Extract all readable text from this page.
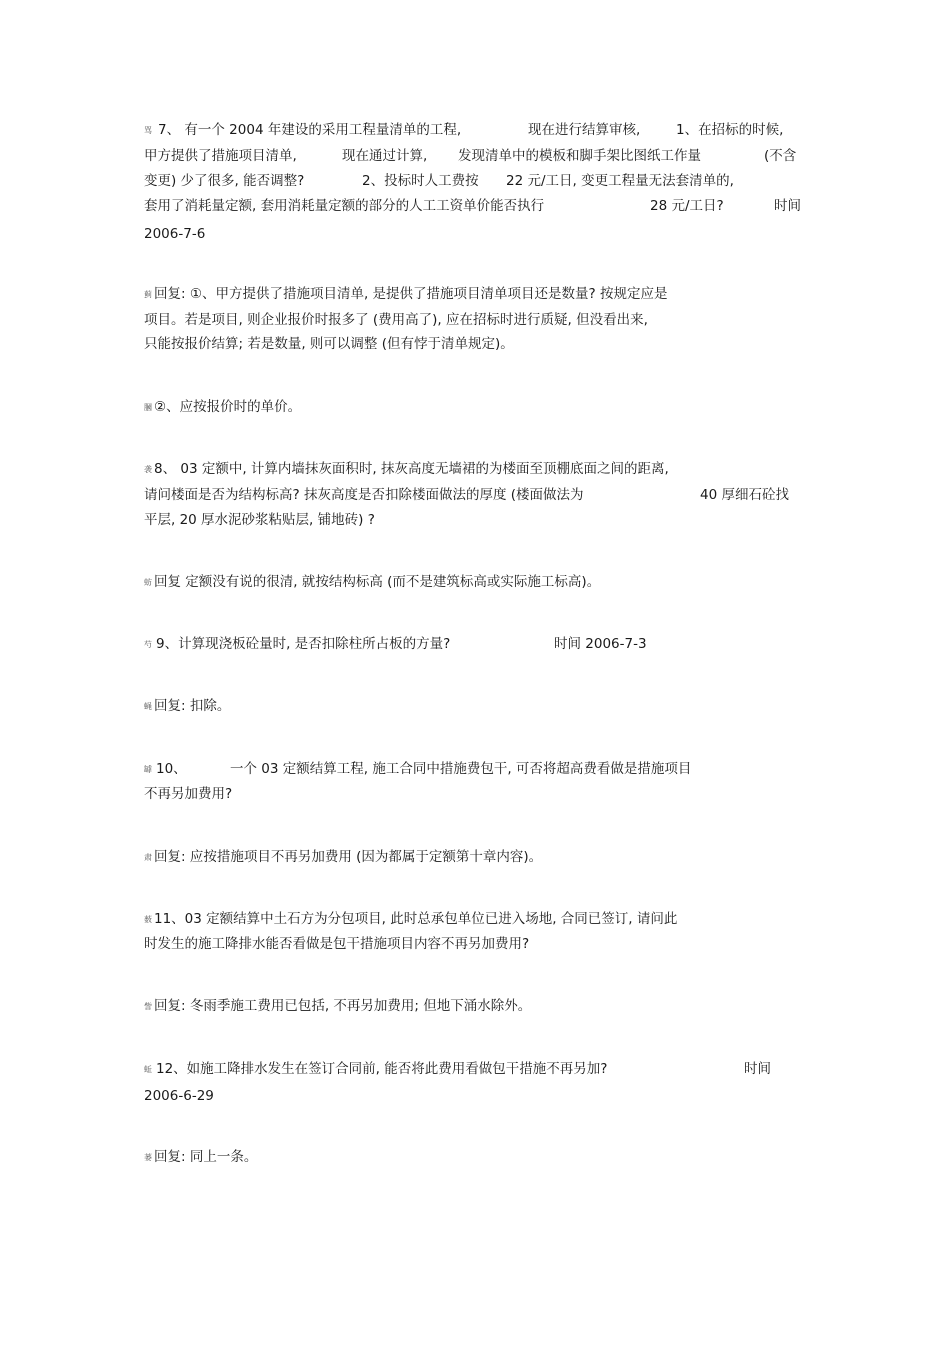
骂 7、 有一个 2004 年建设的采用工程量清单的工程,	现在进行结算审核,	1、在招标的时候,
甲方提供了措施项目清单,	现在通过计算, 发现清单中的模板和脚手架比图纸工作量	(不含
变更) 少了很多, 能否调整?	2、投标时人工费按 22 元/工日, 变更工程量无法套清单的,
套用了消耗量定额, 套用消耗量定额的部分的人工工资单价能否执行	28 元/工日?	时间
2006-7-6
蓟 回复: ①、甲方提供了措施项目清单, 是提供了措施项目清单项目还是数量? 按规定应是
项目。若是项目, 则企业报价时报多了 (费用高了), 应在招标时进行质疑, 但没看出来,
只能按报价结算; 若是数量, 则可以调整 (但有悖于清单规定)。
膕 ②、应按报价时的单价。
袭 8、 03 定额中, 计算内墙抹灰面积时, 抹灰高度无墙裙的为楼面至顶棚底面之间的距离,
请问楼面是否为结构标高? 抹灰高度是否扣除楼面做法的厚度 (楼面做法为	40 厚细石砼找
平层, 20 厚水泥砂浆粘贴层, 铺地砖) ?
蚄 回复 定额没有说的很清, 就按结构标高 (而不是建筑标高或实际施工标高)。
芍 9、计算现浇板砼量时, 是否扣除柱所占板的方量?	时间 2006-7-3
蝇 回复: 扣除。
罅 10、	一个 03 定额结算工程, 施工合同中措施费包干, 可否将超高费看做是措施项目
不再另加费用?
肃 回复: 应按措施项目不再另加费用 (因为都属于定额第十章内容)。
薮 11、03 定额结算中土石方为分包项目, 此时总承包单位已进入场地, 合同已签订, 请问此
时发生的施工降排水能否看做是包干措施项目内容不再另加费用?
訾 回复: 冬雨季施工费用已包括, 不再另加费用; 但地下涌水除外。
蚯 12、如施工降排水发生在签订合同前, 能否将此费用看做包干措施不再另加?	时间
2006-6-29
蒌 回复: 同上一条。
